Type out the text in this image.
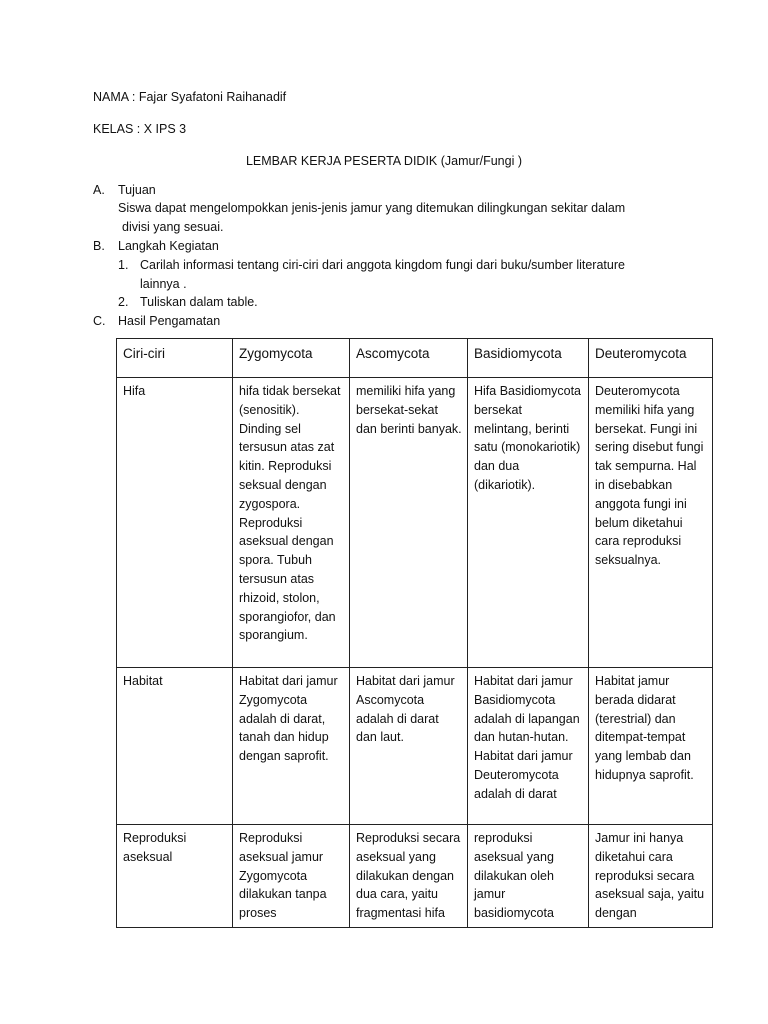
NAMA : Fajar Syafatoni Raihanadif
KELAS : X IPS 3
LEMBAR KERJA PESERTA DIDIK (Jamur/Fungi )
A. Tujuan
Siswa dapat mengelompokkan jenis-jenis jamur yang ditemukan dilingkungan sekitar dalam
divisi yang sesuai.
B. Langkah Kegiatan
1. Carilah informasi tentang ciri-ciri dari anggota kingdom fungi dari buku/sumber literature
lainnya .
2. Tuliskan dalam table.
C. Hasil Pengamatan
Ciri-ciri	Zygomycota	Ascomycota	Basidiomycota	Deuteromycota
Hifa	hifa tidak bersekat (senositik). Dinding sel tersusun atas zat kitin. Reproduksi seksual dengan zygospora. Reproduksi aseksual dengan spora. Tubuh tersusun atas rhizoid, stolon, sporangiofor, dan sporangium.	memiliki hifa yang bersekat-sekat dan berinti banyak.	Hifa Basidiomycota bersekat melintang, berinti satu (monokariotik) dan dua (dikariotik).	Deuteromycota memiliki hifa yang bersekat. Fungi ini sering disebut fungi tak sempurna. Hal in disebabkan anggota fungi ini belum diketahui cara reproduksi seksualnya.
Habitat	Habitat dari jamur Zygomycota adalah di darat, tanah dan hidup dengan saprofit.	Habitat dari jamur Ascomycota adalah di darat dan laut.	Habitat dari jamur Basidiomycota adalah di lapangan dan hutan-hutan. Habitat dari jamur Deuteromycota adalah di darat	Habitat jamur berada didarat (terestrial) dan ditempat-tempat yang lembab dan hidupnya saprofit.
Reproduksi aseksual	Reproduksi aseksual jamur Zygomycota dilakukan tanpa proses	Reproduksi secara aseksual yang dilakukan dengan dua cara, yaitu fragmentasi hifa	reproduksi aseksual yang dilakukan oleh jamur basidiomycota	Jamur ini hanya diketahui cara reproduksi secara aseksual saja, yaitu dengan
